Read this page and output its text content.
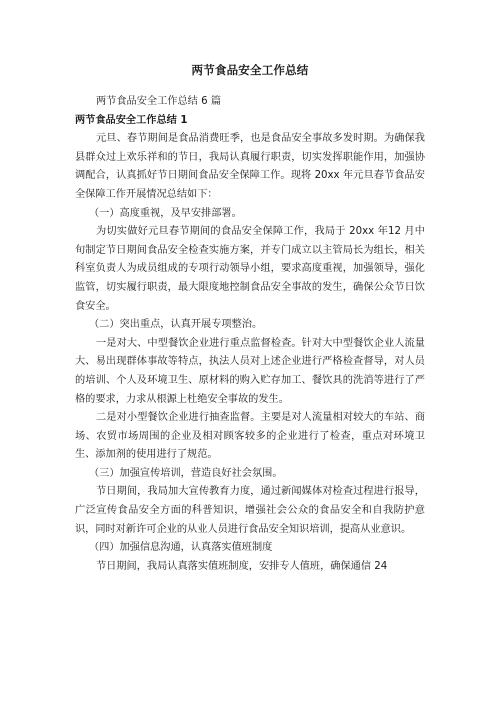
两节食品安全工作总结

两节食品安全工作总结 6 篇

两节食品安全工作总结 1

元旦、春节期间是食品消费旺季，也是食品安全事故多发时期。为确保我县群众过上欢乐祥和的节日，我局认真履行职责，切实发挥职能作用，加强协调配合，认真抓好节日期间食品安全保障工作。现将 20xx 年元旦春节食品安全保障工作开展情况总结如下：

（一）高度重视，及早安排部署。

为切实做好元旦春节期间的食品安全保障工作，我局于 20xx 年12 月中旬制定节日期间食品安全检查实施方案，并专门成立以主管局长为组长，相关科室负责人为成员组成的专项行动领导小组，要求高度重视，加强领导，强化监管，切实履行职责，最大限度地控制食品安全事故的发生，确保公众节日饮食安全。

（二）突出重点，认真开展专项整治。

一是对大、中型餐饮企业进行重点监督检查。针对大中型餐饮企业人流量大、易出现群体事故等特点，执法人员对上述企业进行严格检查督导，对人员的培训、个人及环境卫生、原材料的购入贮存加工、餐饮具的洗消等进行了严格的要求，力求从根源上杜绝安全事故的发生。

二是对小型餐饮企业进行抽查监督。主要是对人流量相对较大的车站、商场、农贸市场周围的企业及相对顾客较多的企业进行了检查，重点对环境卫生、添加剂的使用进行了规范。

（三）加强宣传培训，营造良好社会氛围。

节日期间，我局加大宣传教育力度，通过新闻媒体对检查过程进行报导，广泛宣传食品安全方面的科普知识，增强社会公众的食品安全和自我防护意识，同时对新许可企业的从业人员进行食品安全知识培训，提高从业意识。

（四）加强信息沟通，认真落实值班制度

节日期间，我局认真落实值班制度，安排专人值班，确保通信 24
